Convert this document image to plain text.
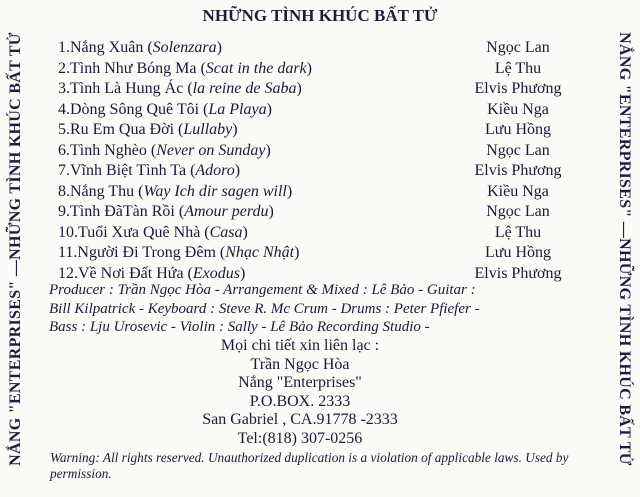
NẮNG "ENTERPRISES" —NHỮNG TÌNH KHÚC BẤT TỬ	NẮNG "ENTERPRISES" —NHỮNG TÌNH KHÚC BẤT TỬ
NHỮNG TÌNH KHÚC BẤT TỬ
1.Nắng Xuân (Solenzara)	Ngọc Lan
2.Tình Như Bóng Ma (Scat in the dark)	Lệ Thu
3.Tình Là Hung Ác (la reine de Saba)	Elvis Phương
4.Dòng Sông Quê Tôi (La Playa)	Kiều Nga
5.Ru Em Qua Đời (Lullaby)	Lưu Hồng
6.Tình Nghèo (Never on Sunday)	Ngọc Lan
7.Vĩnh Biệt Tình Ta (Adoro)	Elvis Phương
8.Nắng Thu (Way Ich dir sagen will)	Kiều Nga
9.Tình ĐãTàn Rồi (Amour perdu)	Ngọc Lan
10.Tuổi Xưa Quê Nhà (Casa)	Lệ Thu
11.Người Đi Trong Đêm (Nhạc Nhật)	Lưu Hồng
12.Về Nơi Đất Hứa (Exodus)	Elvis Phương
Producer : Trần Ngọc Hòa - Arrangement & Mixed : Lê Bảo - Guitar :
Bill Kilpatrick - Keyboard : Steve R. Mc Crum - Drums : Peter Pfiefer -
Bass : Lju Urosevic - Violin : Sally - Lê Bảo Recording Studio -
Mọi chi tiết xin liên lạc :
Trần Ngọc Hòa
Nắng "Enterprises"
P.O.BOX. 2333
San Gabriel , CA.91778 -2333
Tel:(818) 307-0256
Warning: All rights reserved. Unauthorized duplication is a violation of applicable laws. Used by permission.
